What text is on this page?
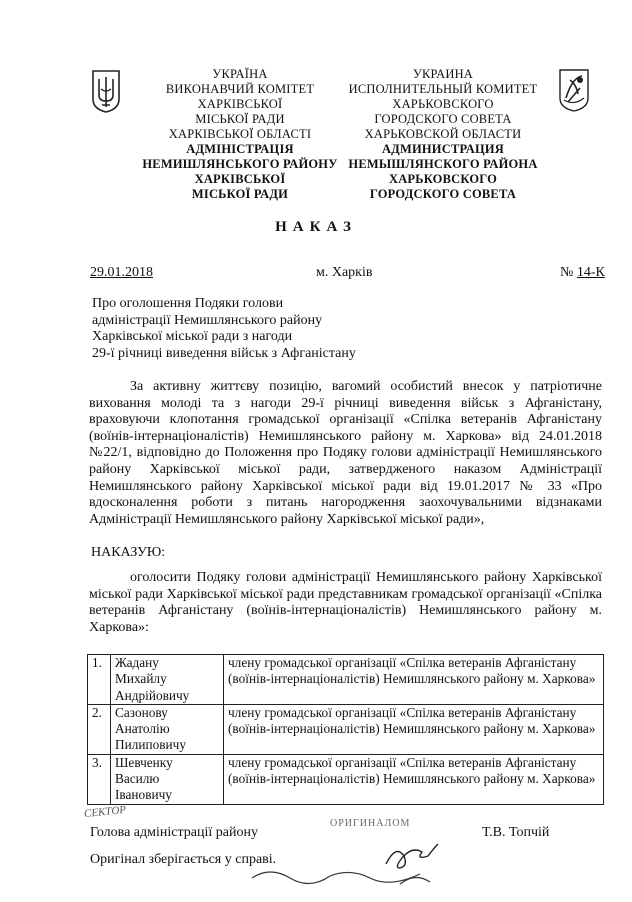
УКРАЇНА
ВИКОНАВЧИЙ КОМІТЕТ
ХАРКІВСЬКОЇ
МІСЬКОЇ РАДИ
ХАРКІВСЬКОЇ ОБЛАСТІ
АДМІНІСТРАЦІЯ
НЕМИШЛЯНСЬКОГО РАЙОНУ
ХАРКІВСЬКОЇ
МІСЬКОЇ РАДИ
УКРАИНА
ИСПОЛНИТЕЛЬНЫЙ КОМИТЕТ
ХАРЬКОВСКОГО
ГОРОДСКОГО СОВЕТА
ХАРЬКОВСКОЙ ОБЛАСТИ
АДМИНИСТРАЦИЯ
НЕМЫШЛЯНСКОГО РАЙОНА
ХАРЬКОВСКОГО
ГОРОДСКОГО СОВЕТА
НАКАЗ
29.01.2018	м. Харків	№ 14-К
Про оголошення Подяки голови
адміністрації Немишлянського району
Харківської міської ради з нагоди
29-ї річниці виведення військ з Афганістану

За активну життєву позицію, вагомий особистий внесок у патріотичне виховання молоді та з нагоди 29-ї річниці виведення військ з Афганістану, враховуючи клопотання громадської організації «Спілка ветеранів Афганістану (воїнів-інтернаціоналістів) Немишлянського району м. Харкова» від 24.01.2018 №22/1, відповідно до Положення про Подяку голови адміністрації Немишлянського району Харківської міської ради, затвердженого наказом Адміністрації Немишлянського району Харківської міської ради від 19.01.2017 № 33 «Про вдосконалення роботи з питань нагородження заохочувальними відзнаками Адміністрації Немишлянського району Харківської міської ради»,

НАКАЗУЮ:

оголосити Подяку голови адміністрації Немишлянського району Харківської міської ради Харківської міської ради представникам громадської організації «Спілка ветеранів Афганістану (воїнів-інтернаціоналістів) Немишлянського району м. Харкова»:

1.	Жадану
Михайлу
Андрійовичу	члену громадської організації «Спілка ветеранів Афганістану (воїнів-інтернаціоналістів) Немишлянського району м. Харкова»
2.	Сазонову
Анатолію
Пилиповичу	члену громадської організації «Спілка ветеранів Афганістану (воїнів-інтернаціоналістів) Немишлянського району м. Харкова»
3.	Шевченку
Василю
Івановичу	члену громадської організації «Спілка ветеранів Афганістану (воїнів-інтернаціоналістів) Немишлянського району м. Харкова»
СЕКТОР
ОРИГИНАЛОМ
Голова адміністрації району	Т.В. Топчій
Оригінал зберігається у справі.
